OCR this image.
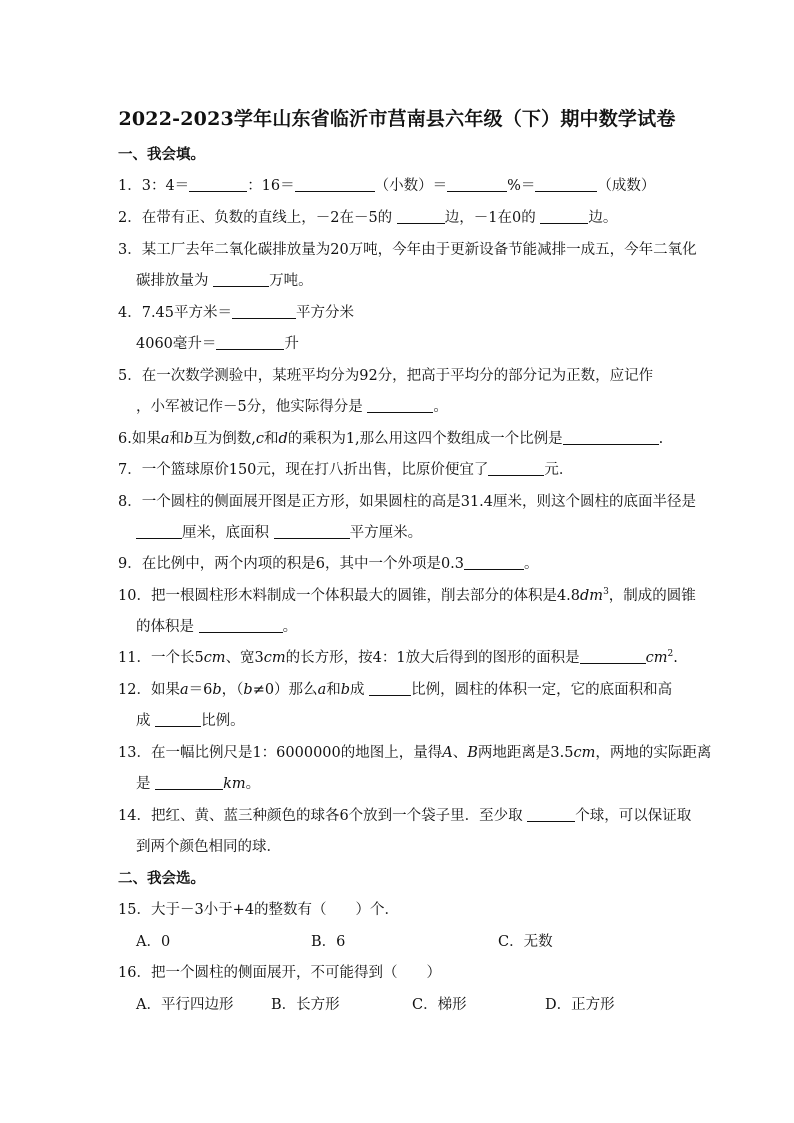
2022-2023学年山东省临沂市莒南县六年级（下）期中数学试卷
一、我会填。
1．3：4＝	：16＝	（小数）＝	%＝	（成数）
2．在带有正、负数的直线上，－2在－5的	边，－1在0的	边。
3．某工厂去年二氧化碳排放量为20万吨，今年由于更新设备节能减排一成五，今年二氧化
碳排放量为	万吨。
4．7.45平方米＝	平方分米
4060毫升＝	升
5．在一次数学测验中，某班平均分为92分，把高于平均分的部分记为正数，应记作
，小军被记作－5分，他实际得分是	。
6.如果a和b互为倒数,c和d的乘积为1,那么用这四个数组成一个比例是	.
7．一个篮球原价150元，现在打八折出售，比原价便宜了	元．
8．一个圆柱的侧面展开图是正方形，如果圆柱的高是31.4厘米，则这个圆柱的底面半径是
厘米，底面积	平方厘米。
9．在比例中，两个内项的积是6，其中一个外项是0.3	。
10．把一根圆柱形木料制成一个体积最大的圆锥，削去部分的体积是$4.8dm^3$，制成的圆锥
的体积是	。
11．一个长5cm、宽3cm的长方形，按4：1放大后得到的图形的面积是	$cm^2$.
12．如果a＝6b，（b≠0）那么a和b成	比例，圆柱的体积一定，它的底面积和高
成	比例。
13．在一幅比例尺是1：6000000的地图上，量得A、B两地距离是3.5cm，两地的实际距离
是	km。
14．把红、黄、蓝三种颜色的球各6个放到一个袋子里．至少取	个球，可以保证取
到两个颜色相同的球．
二、我会选。
15．大于－3小于+4的整数有（　　）个．
A．0	B．6	C．无数
16．把一个圆柱的侧面展开，不可能得到（　　）
A．平行四边形	B．长方形	C．梯形	D．正方形
